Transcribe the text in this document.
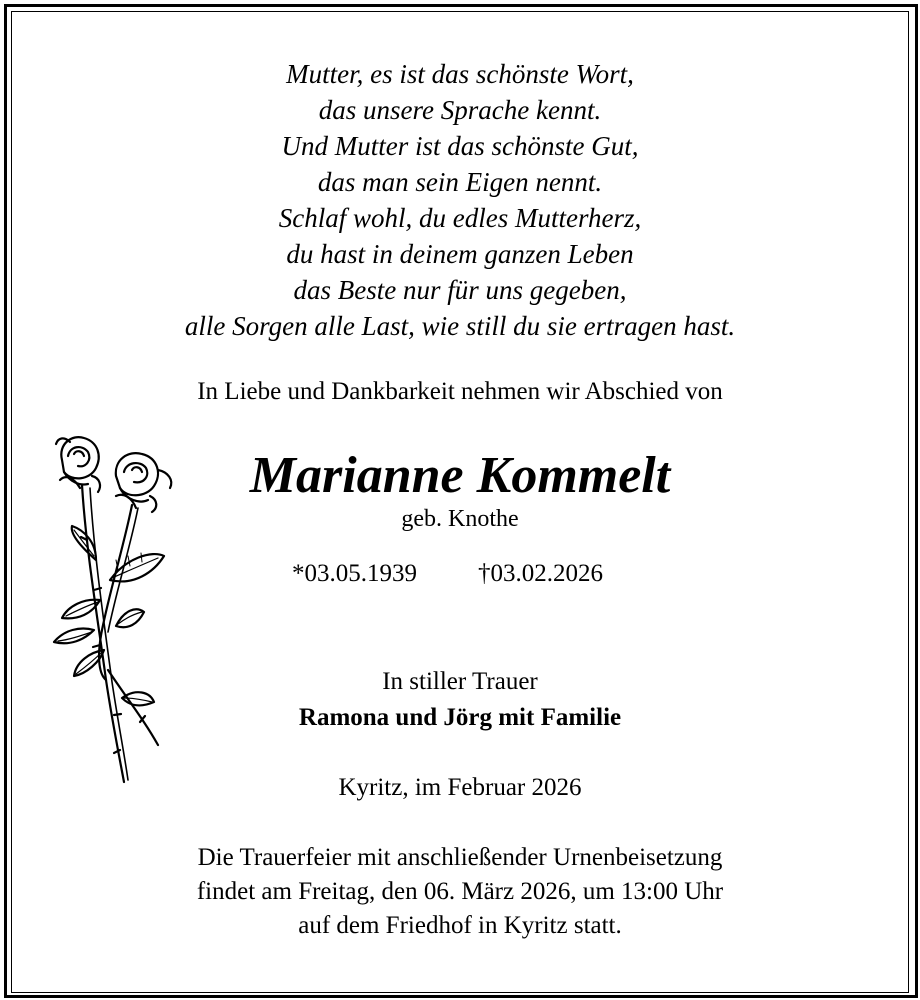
Mutter, es ist das schönste Wort,
das unsere Sprache kennt.
Und Mutter ist das schönste Gut,
das man sein Eigen nennt.
Schlaf wohl, du edles Mutterherz,
du hast in deinem ganzen Leben
das Beste nur für uns gegeben,
alle Sorgen alle Last, wie still du sie ertragen hast.
In Liebe und Dankbarkeit nehmen wir Abschied von
Marianne Kommelt
geb. Knothe
*03.05.1939 †03.02.2026
In stiller Trauer
Ramona und Jörg mit Familie
Kyritz, im Februar 2026
Die Trauerfeier mit anschließender Urnenbeisetzung
findet am Freitag, den 06. März 2026, um 13:00 Uhr
auf dem Friedhof in Kyritz statt.
